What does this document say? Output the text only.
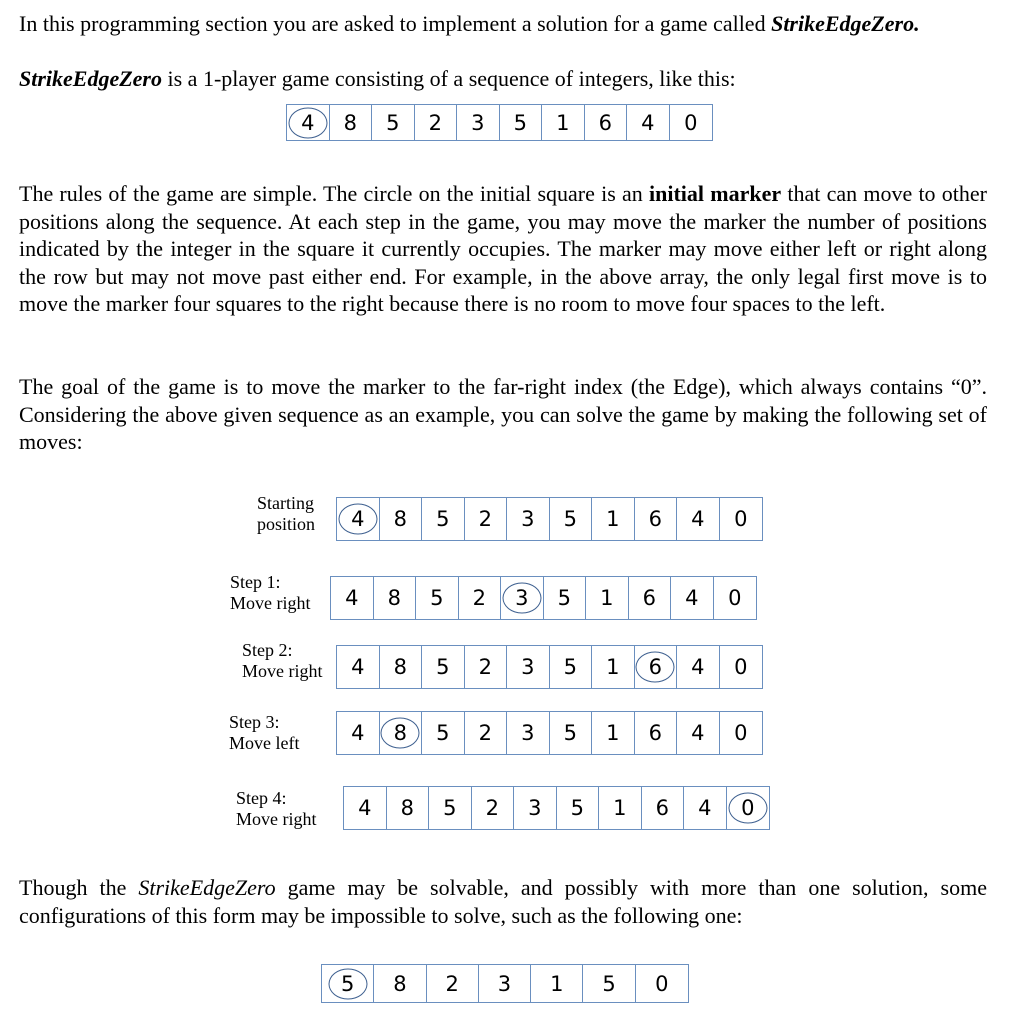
In this programming section you are asked to implement a solution for a game called StrikeEdgeZero.

StrikeEdgeZero is a 1-player game consisting of a sequence of integers, like this:

4 8 5 2 3 5 1 6 4 0

The rules of the game are simple. The circle on the initial square is an initial marker that can move to other positions along the sequence. At each step in the game, you may move the marker the number of positions indicated by the integer in the square it currently occupies. The marker may move either left or right along the row but may not move past either end. For example, in the above array, the only legal first move is to move the marker four squares to the right because there is no room to move four spaces to the left.

The goal of the game is to move the marker to the far-right index (the Edge), which always contains “0”. Considering the above given sequence as an example, you can solve the game by making the following set of moves:

Starting
position
Step 1:
Move right
Step 2:
Move right
Step 3:
Move left
Step 4:
Move right
4 8 5 2 3 5 1 6 4 0
4 8 5 2 3 5 1 6 4 0
4 8 5 2 3 5 1 6 4 0
4 8 5 2 3 5 1 6 4 0
4 8 5 2 3 5 1 6 4 0

Though the StrikeEdgeZero game may be solvable, and possibly with more than one solution, some configurations of this form may be impossible to solve, such as the following one:

5 8 2 3 1 5 0
